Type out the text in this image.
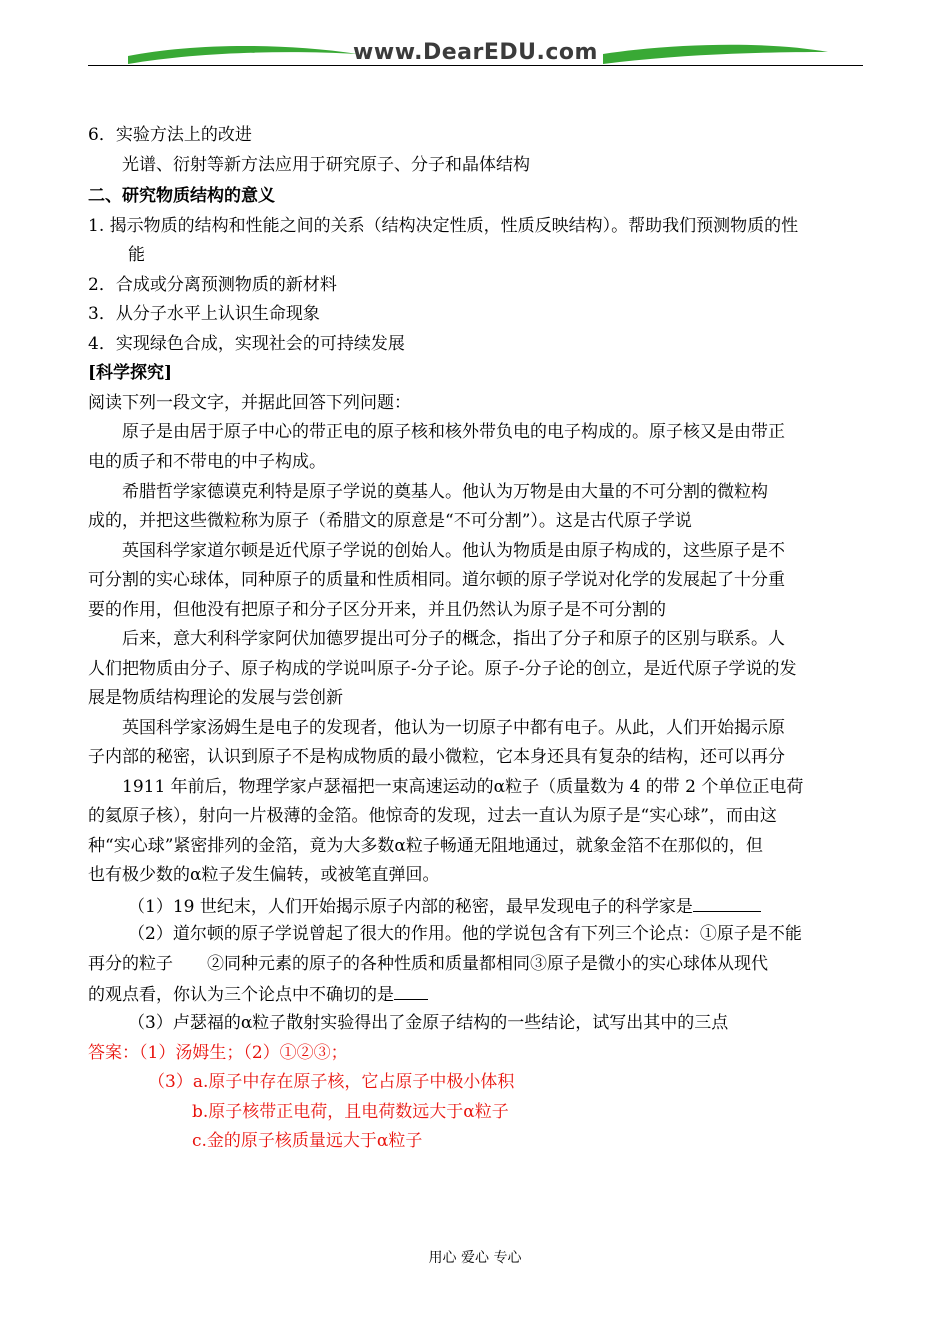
www.DearEDU.com
6．实验方法上的改进
光谱、衍射等新方法应用于研究原子、分子和晶体结构
二、研究物质结构的意义
1. 揭示物质的结构和性能之间的关系（结构决定性质，性质反映结构）。帮助我们预测物质的性
能
2．合成或分离预测物质的新材料
3．从分子水平上认识生命现象
4．实现绿色合成，实现社会的可持续发展
[科学探究]
阅读下列一段文字，并据此回答下列问题：
原子是由居于原子中心的带正电的原子核和核外带负电的电子构成的。原子核又是由带正
电的质子和不带电的中子构成。
希腊哲学家德谟克利特是原子学说的奠基人。他认为万物是由大量的不可分割的微粒构
成的，并把这些微粒称为原子（希腊文的原意是“不可分割”）。这是古代原子学说
英国科学家道尔顿是近代原子学说的创始人。他认为物质是由原子构成的，这些原子是不
可分割的实心球体，同种原子的质量和性质相同。道尔顿的原子学说对化学的发展起了十分重
要的作用，但他没有把原子和分子区分开来，并且仍然认为原子是不可分割的
后来，意大利科学家阿伏加德罗提出可分子的概念，指出了分子和原子的区别与联系。人
人们把物质由分子、原子构成的学说叫原子-分子论。原子-分子论的创立，是近代原子学说的发
展是物质结构理论的发展与尝创新
英国科学家汤姆生是电子的发现者，他认为一切原子中都有电子。从此，人们开始揭示原
子内部的秘密，认识到原子不是构成物质的最小微粒，它本身还具有复杂的结构，还可以再分
1911 年前后，物理学家卢瑟福把一束高速运动的α粒子（质量数为 4 的带 2 个单位正电荷
的氦原子核），射向一片极薄的金箔。他惊奇的发现，过去一直认为原子是“实心球”，而由这
种“实心球”紧密排列的金箔，竟为大多数α粒子畅通无阻地通过，就象金箔不在那似的，但
也有极少数的α粒子发生偏转，或被笔直弹回。
（1）19 世纪末，人们开始揭示原子内部的秘密，最早发现电子的科学家是
（2）道尔顿的原子学说曾起了很大的作用。他的学说包含有下列三个论点：①原子是不能
再分的粒子　　②同种元素的原子的各种性质和质量都相同③原子是微小的实心球体从现代
的观点看，你认为三个论点中不确切的是
（3）卢瑟福的α粒子散射实验得出了金原子结构的一些结论，试写出其中的三点
答案：（1）汤姆生；（2）①②③；
（3）a.原子中存在原子核，它占原子中极小体积
b.原子核带正电荷，且电荷数远大于α粒子
c.金的原子核质量远大于α粒子
用心 爱心 专心
